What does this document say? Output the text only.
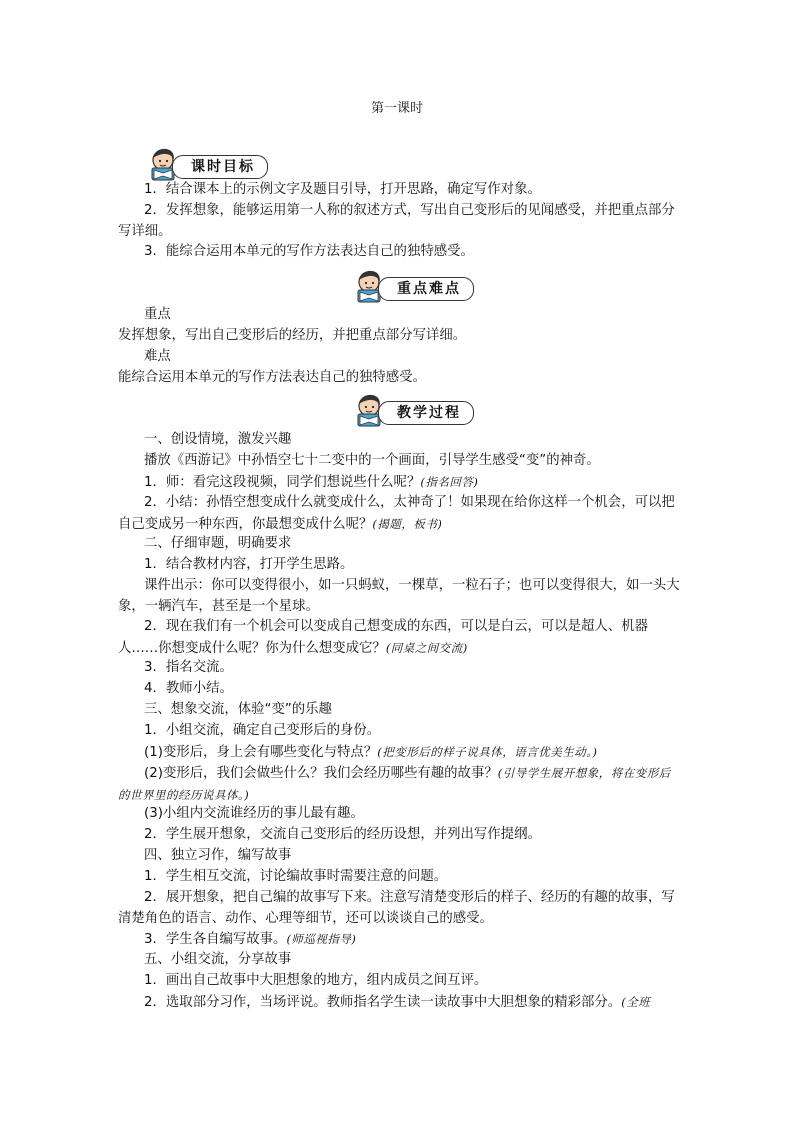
第一课时
课时目标

1．结合课本上的示例文字及题目引导，打开思路，确定写作对象。

2．发挥想象，能够运用第一人称的叙述方式，写出自己变形后的见闻感受，并把重点部分写详细。

3．能综合运用本单元的写作方法表达自己的独特感受。

重点难点

重点

发挥想象，写出自己变形后的经历，并把重点部分写详细。

难点

能综合运用本单元的写作方法表达自己的独特感受。

教学过程

一、创设情境，激发兴趣

播放《西游记》中孙悟空七十二变中的一个画面，引导学生感受“变”的神奇。

1．师：看完这段视频，同学们想说些什么呢？(指名回答)

2．小结：孙悟空想变成什么就变成什么，太神奇了！如果现在给你这样一个机会，可以把自己变成另一种东西，你最想变成什么呢？(揭题，板书)

二、仔细审题，明确要求

1．结合教材内容，打开学生思路。

课件出示：你可以变得很小，如一只蚂蚁，一棵草，一粒石子；也可以变得很大，如一头大象，一辆汽车，甚至是一个星球。

2．现在我们有一个机会可以变成自己想变成的东西，可以是白云，可以是超人、机器人……你想变成什么呢？你为什么想变成它？(同桌之间交流)

3．指名交流。

4．教师小结。

三、想象交流，体验“变”的乐趣

1．小组交流，确定自己变形后的身份。

(1)变形后，身上会有哪些变化与特点？(把变形后的样子说具体，语言优美生动。)

(2)变形后，我们会做些什么？我们会经历哪些有趣的故事？(引导学生展开想象，将在变形后的世界里的经历说具体。)

(3)小组内交流谁经历的事儿最有趣。

2．学生展开想象，交流自己变形后的经历设想，并列出写作提纲。

四、独立习作，编写故事

1．学生相互交流，讨论编故事时需要注意的问题。

2．展开想象，把自己编的故事写下来。注意写清楚变形后的样子、经历的有趣的故事，写清楚角色的语言、动作、心理等细节，还可以谈谈自己的感受。

3．学生各自编写故事。(师巡视指导)

五、小组交流，分享故事

1．画出自己故事中大胆想象的地方，组内成员之间互评。

2．选取部分习作，当场评说。教师指名学生读一读故事中大胆想象的精彩部分。(全班
